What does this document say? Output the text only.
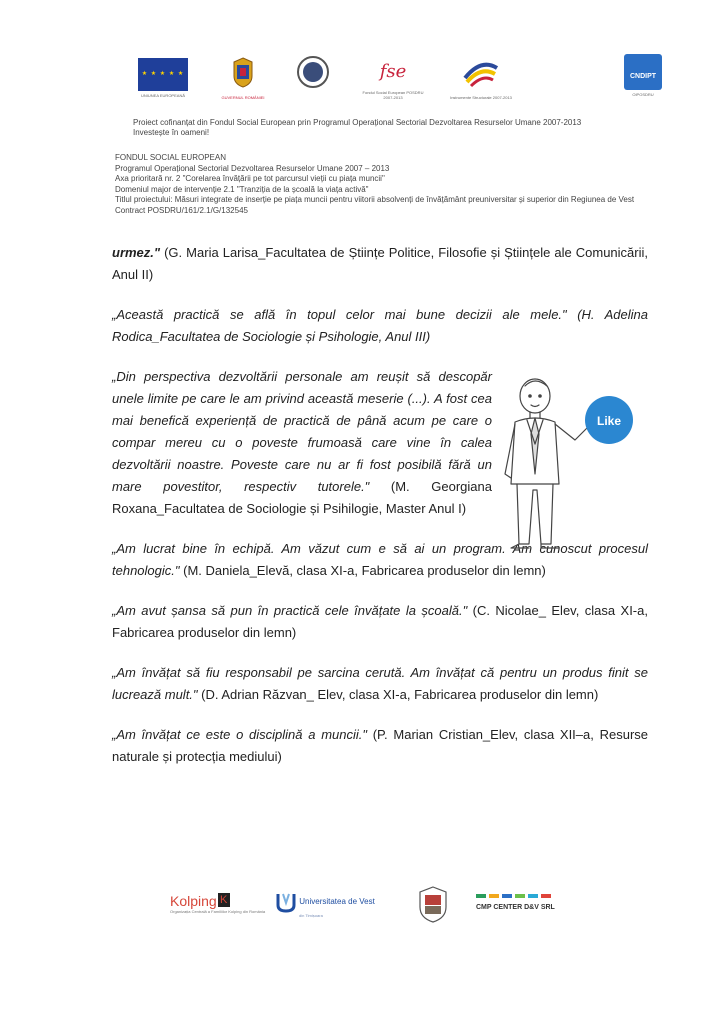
★ ★ ★ ★ ★
UNIUNEA EUROPEANĂ	GUVERNUL ROMÂNIEI
fse
Fondul Social European POSDRU 2007-2013	Instrumente Structurale 2007-2013
CNDIPT
OIPOSDRU
Proiect cofinanțat din Fondul Social European prin Programul Operațional Sectorial Dezvoltarea Resurselor Umane 2007-2013
Investește în oameni!
FONDUL SOCIAL EUROPEAN
Programul Operațional Sectorial Dezvoltarea Resurselor Umane 2007 – 2013
Axa prioritară nr. 2 "Corelarea învățării pe tot parcursul vieții cu piața muncii"
Domeniul major de intervenție 2.1 "Tranziția de la școală la viața activă"
Titlul proiectului: Măsuri integrate de inserție pe piața muncii pentru viitorii absolvenți de învățământ preuniversitar și superior din Regiunea de Vest
Contract POSDRU/161/2.1/G/132545

urmez." (G. Maria Larisa_Facultatea de Științe Politice, Filosofie și Științele ale Comunicării, Anul II)

„Această practică se află în topul celor mai bune decizii ale mele." (H. Adelina Rodica_Facultatea de Sociologie și Psihologie, Anul III)

„Din perspectiva dezvoltării personale am reușit să descopăr unele limite pe care le am privind această meserie (...). A fost cea mai benefică experiență de practică de până acum pe care o compar mereu cu o poveste frumoasă care vine în calea dezvoltării noastre. Poveste care nu ar fi fost posibilă fără un mare povestitor, respectiv tutorele." (M. Georgiana Roxana_Facultatea de Sociologie și Psihilogie, Master Anul I)

„Am lucrat bine în echipă. Am văzut cum e să ai un program. Am cunoscut procesul tehnologic." (M. Daniela_Elevă, clasa XI-a, Fabricarea produselor din lemn)

„Am avut șansa să pun în practică cele învățate la școală." (C. Nicolae_ Elev, clasa XI-a, Fabricarea produselor din lemn)

„Am învățat să fiu responsabil pe sarcina cerută. Am învățat că pentru un produs finit se lucrează mult." (D. Adrian Răzvan_ Elev, clasa XI-a, Fabricarea produselor din lemn)

„Am învățat ce este o disciplină a muncii." (P. Marian Cristian_Elev, clasa XII–a, Resurse naturale și protecția mediului)

Like
Kolping K
Organizația Centrală a Familiilor Kolping din România
Universitatea de Vest
din Timișoara
CMP CENTER D&V SRL
